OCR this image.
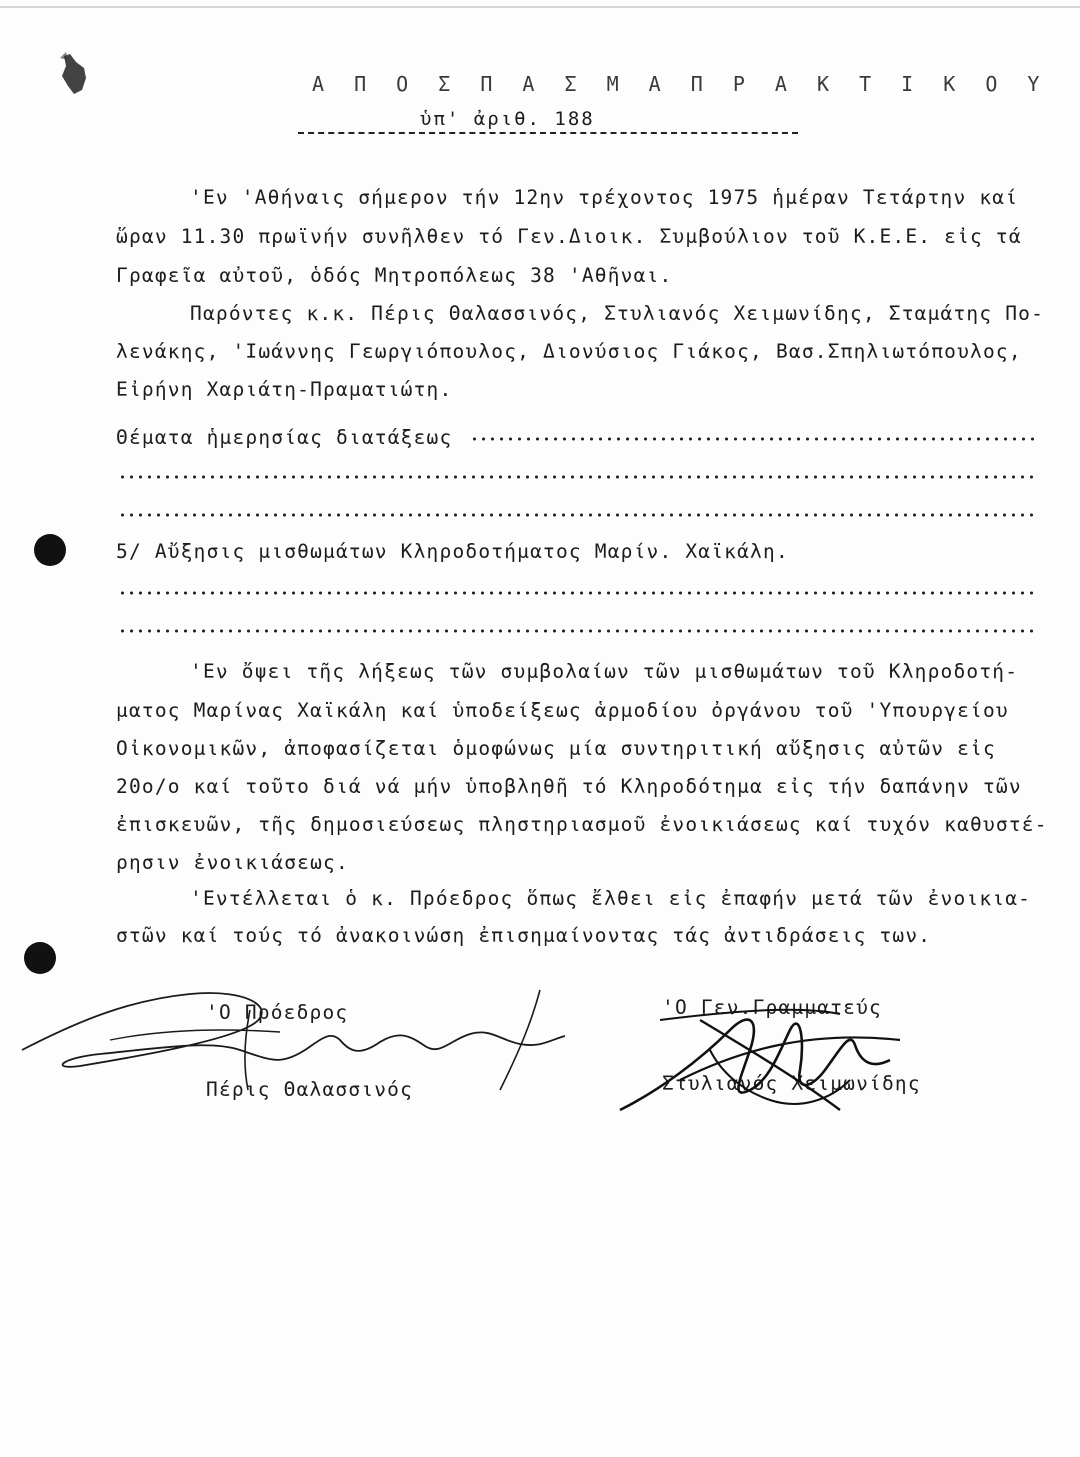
Α Π Ο Σ Π Α Σ Μ Α Π Ρ Α Κ Τ Ι Κ Ο Υ
ὑπ' ἀριθ. 188
'Εν 'Αθήναις σήμερον τήν 12ην τρέχοντος 1975 ἡμέραν Τετάρτην καί
ὥραν 11.30 πρωϊνήν συνῆλθεν τό Γεν.Διοικ. Συμβούλιον τοῦ Κ.Ε.Ε. εἰς τά
Γραφεῖα αὐτοῦ, ὁδός Μητροπόλεως 38 'Αθῆναι.
Παρόντες κ.κ. Πέρις Θαλασσινός, Στυλιανός Χειμωνίδης, Σταμάτης Πο-
λενάκης, 'Ιωάννης Γεωργιόπουλος, Διονύσιος Γιάκος, Βασ.Σπηλιωτόπουλος,
Εἰρήνη Χαριάτη-Πραματιώτη.
Θέματα ἡμερησίας διατάξεως
5/ Αὔξησις μισθωμάτων Κληροδοτήματος Μαρίν. Χαϊκάλη.
'Εν ὄψει τῆς λήξεως τῶν συμβολαίων τῶν μισθωμάτων τοῦ Κληροδοτή-
ματος Μαρίνας Χαϊκάλη καί ὑποδείξεως ἁρμοδίου ὀργάνου τοῦ 'Υπουργείου
Οἰκονομικῶν, ἀποφασίζεται ὁμοφώνως μία συντηριτική αὔξησις αὐτῶν εἰς
20ο/ο καί τοῦτο διά νά μήν ὑποβληθῆ τό Κληροδότημα εἰς τήν δαπάνην τῶν
ἐπισκευῶν, τῆς δημοσιεύσεως πληστηριασμοῦ ἐνοικιάσεως καί τυχόν καθυστέ-
ρησιν ἐνοικιάσεως.
'Εντέλλεται ὁ κ. Πρόεδρος ὅπως ἔλθει εἰς ἐπαφήν μετά τῶν ἐνοικια-
στῶν καί τούς τό ἀνακοινώση ἐπισημαίνοντας τάς ἀντιδράσεις των.
'Ο Πρόεδρος
Πέρις Θαλασσινός
'Ο Γεν.Γραμματεύς
Στυλιανός Χειμωνίδης
